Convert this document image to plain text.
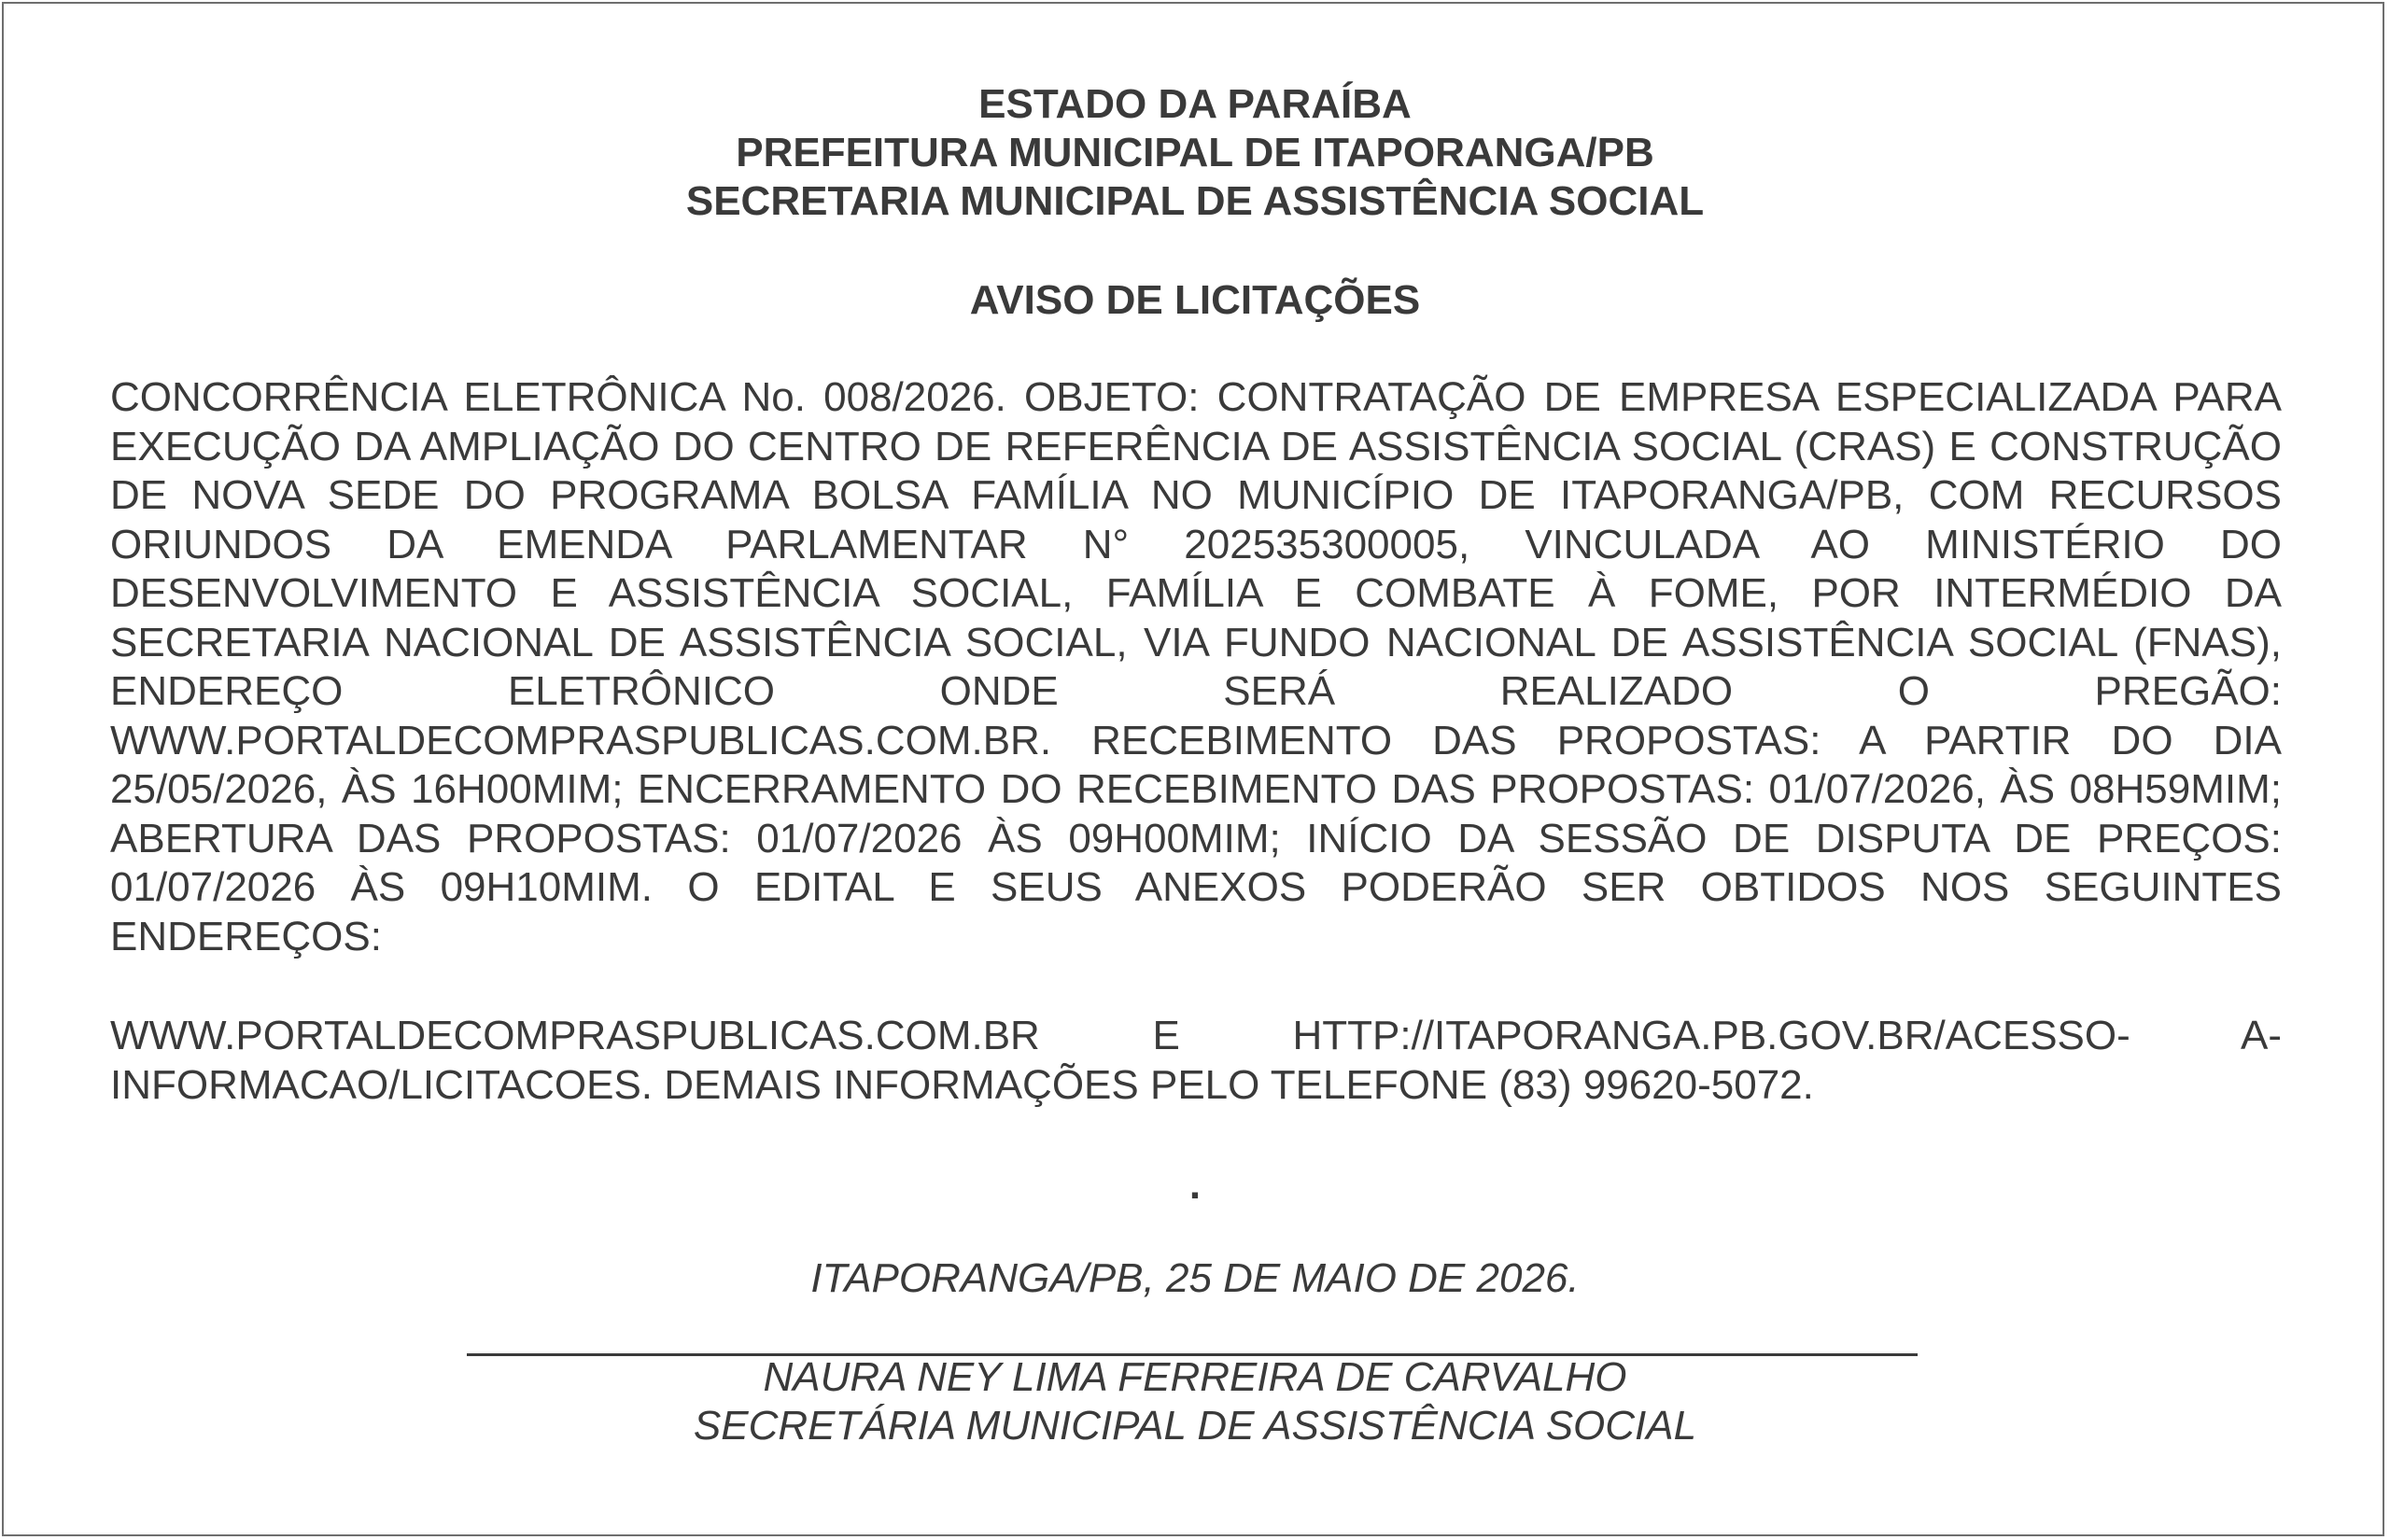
ESTADO DA PARAÍBA
PREFEITURA MUNICIPAL DE ITAPORANGA/PB
SECRETARIA MUNICIPAL DE ASSISTÊNCIA SOCIAL
AVISO DE LICITAÇÕES
CONCORRÊNCIA ELETRÔNICA No. 008/2026. OBJETO: CONTRATAÇÃO DE EMPRESA ESPECIALIZADA PARA EXECUÇÃO DA AMPLIAÇÃO DO CENTRO DE REFERÊNCIA DE ASSISTÊNCIA SOCIAL (CRAS) E CONSTRUÇÃO DE NOVA SEDE DO PROGRAMA BOLSA FAMÍLIA NO MUNICÍPIO DE ITAPORANGA/PB, COM RECURSOS ORIUNDOS DA EMENDA PARLAMENTAR N° 202535300005, VINCULADA AO MINISTÉRIO DO DESENVOLVIMENTO E ASSISTÊNCIA SOCIAL, FAMÍLIA E COMBATE À FOME, POR INTERMÉDIO DA SECRETARIA NACIONAL DE ASSISTÊNCIA SOCIAL, VIA FUNDO NACIONAL DE ASSISTÊNCIA SOCIAL (FNAS), ENDEREÇO ELETRÔNICO ONDE SERÁ REALIZADO O PREGÃO: WWW.PORTALDECOMPRASPUBLICAS.COM.BR. RECEBIMENTO DAS PROPOSTAS: A PARTIR DO DIA 25/05/2026, ÀS 16H00MIM; ENCERRAMENTO DO RECEBIMENTO DAS PROPOSTAS: 01/07/2026, ÀS 08H59MIM; ABERTURA DAS PROPOSTAS: 01/07/2026 ÀS 09H00MIM; INÍCIO DA SESSÃO DE DISPUTA DE PREÇOS: 01/07/2026 ÀS 09H10MIM. O EDITAL E SEUS ANEXOS PODERÃO SER OBTIDOS NOS SEGUINTES ENDEREÇOS:
WWW.PORTALDECOMPRASPUBLICAS.COM.BR E HTTP://ITAPORANGA.PB.GOV.BR/ACESSO- A-INFORMACAO/LICITACOES. DEMAIS INFORMAÇÕES PELO TELEFONE (83) 99620-5072.
.
ITAPORANGA/PB, 25 DE MAIO DE 2026.
NAURA NEY LIMA FERREIRA DE CARVALHO
SECRETÁRIA MUNICIPAL DE ASSISTÊNCIA SOCIAL
